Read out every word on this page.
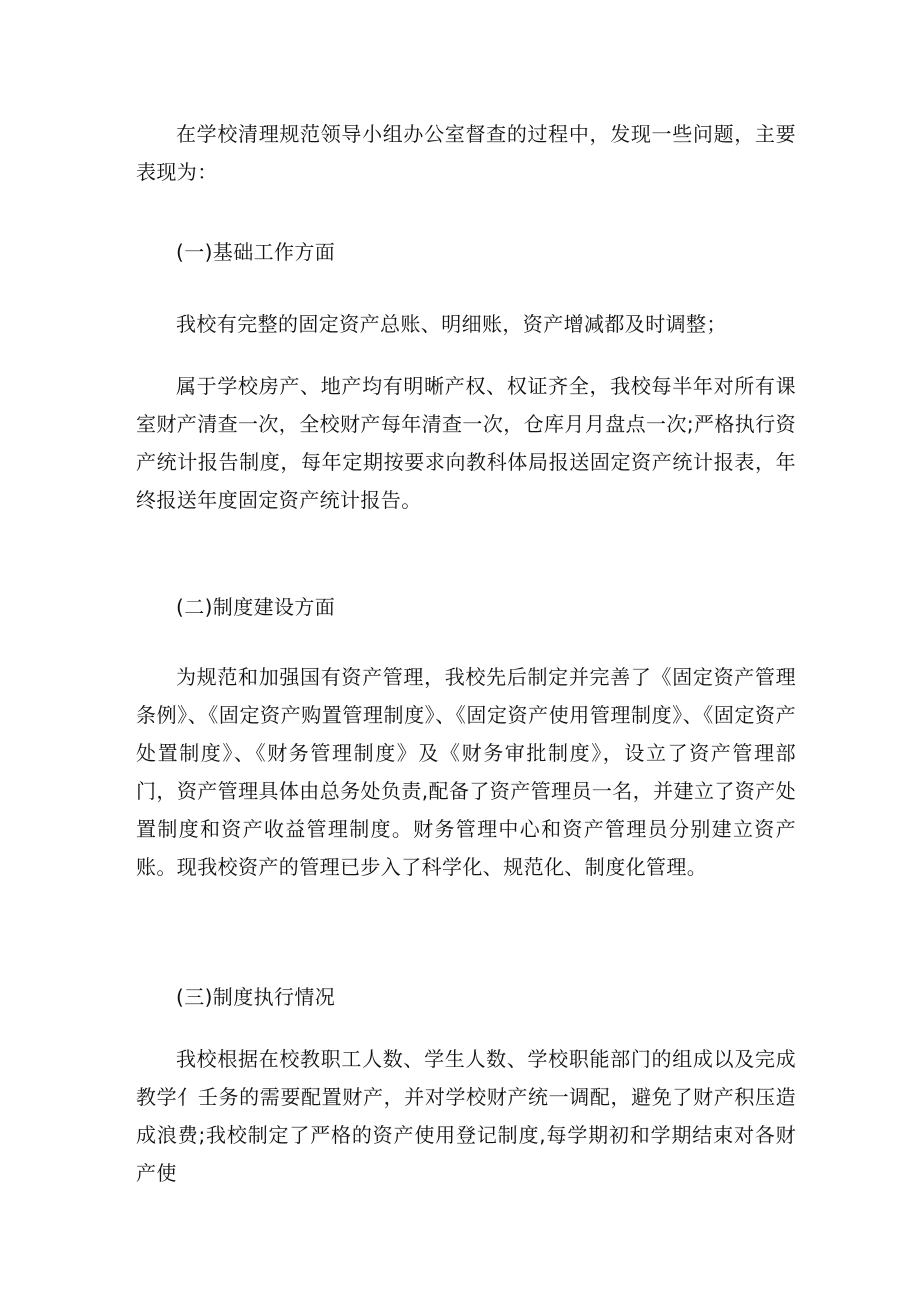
在学校清理规范领导小组办公室督查的过程中，发现一些问题，主要表现为：

(一)基础工作方面

我校有完整的固定资产总账、明细账，资产增减都及时调整；

属于学校房产、地产均有明晰产权、权证齐全，我校每半年对所有课室财产清查一次，全校财产每年清查一次，仓库月月盘点一次;严格执行资产统计报告制度，每年定期按要求向教科体局报送固定资产统计报表，年终报送年度固定资产统计报告。

(二)制度建设方面

为规范和加强国有资产管理，我校先后制定并完善了《固定资产管理条例》、《固定资产购置管理制度》、《固定资产使用管理制度》、《固定资产处置制度》、《财务管理制度》及《财务审批制度》，设立了资产管理部门，资产管理具体由总务处负责,配备了资产管理员一名，并建立了资产处置制度和资产收益管理制度。财务管理中心和资产管理员分别建立资产账。现我校资产的管理已步入了科学化、规范化、制度化管理。

(三)制度执行情况

我校根据在校教职工人数、学生人数、学校职能部门的组成以及完成教学亻壬务的需要配置财产，并对学校财产统一调配，避免了财产积压造成浪费;我校制定了严格的资产使用登记制度,每学期初和学期结束对各财产使
